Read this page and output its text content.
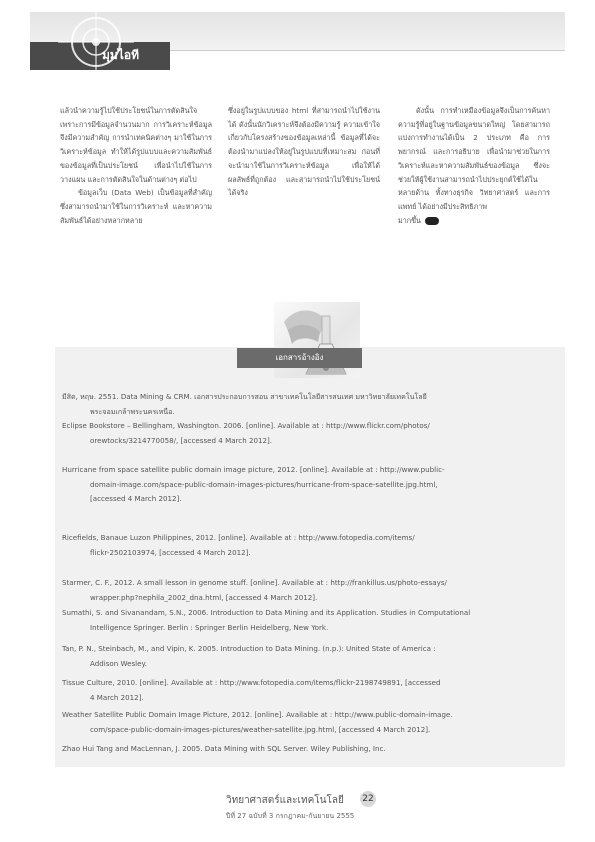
มุมไอที

แล้วนำความรู้ไปใช้ประโยชน์ในการตัดสินใจ เพราะการมีข้อมูลจำนวนมาก การวิเคราะห์ข้อมูลจึงมีความสำคัญ การนำเทคนิคต่างๆ มาใช้ในการวิเคราะห์ข้อมูล ทำให้ได้รูปแบบและความสัมพันธ์ของข้อมูลที่เป็นประโยชน์ เพื่อนำไปใช้ในการวางแผน และการตัดสินใจในด้านต่างๆ ต่อไป

ข้อมูลเว็บ (Data Web) เป็นข้อมูลที่สำคัญซึ่งสามารถนำมาใช้ในการวิเคราะห์ และหาความสัมพันธ์ได้อย่างหลากหลาย

ซึ่งอยู่ในรูปแบบของ html ที่สามารถนำไปใช้งานได้ ดังนั้นนักวิเคราะห์จึงต้องมีความรู้ ความเข้าใจเกี่ยวกับโครงสร้างของข้อมูลเหล่านี้ ข้อมูลที่ได้จะต้องนำมาแปลงให้อยู่ในรูปแบบที่เหมาะสม ก่อนที่จะนำมาใช้ในการวิเคราะห์ข้อมูล เพื่อให้ได้ผลลัพธ์ที่ถูกต้อง และสามารถนำไปใช้ประโยชน์ได้จริง

ดังนั้น การทำเหมืองข้อมูลจึงเป็นการค้นหาความรู้ที่อยู่ในฐานข้อมูลขนาดใหญ่ โดยสามารถแบ่งการทำงานได้เป็น 2 ประเภท คือ การพยากรณ์ และการอธิบาย เพื่อนำมาช่วยในการวิเคราะห์และหาความสัมพันธ์ของข้อมูล ซึ่งจะช่วยให้ผู้ใช้งานสามารถนำไปประยุกต์ใช้ได้ในหลายด้าน ทั้งทางธุรกิจ วิทยาศาสตร์ และการแพทย์ ได้อย่างมีประสิทธิภาพ

มากขึ้น

เอกสารอ้างอิง
มีสิต, หฤษ. 2551. Data Mining & CRM. เอกสารประกอบการสอน สาขาเทคโนโลยีสารสนเทศ มหาวิทยาลัยเทคโนโลยี
พระจอมเกล้าพระนครเหนือ.
Eclipse Bookstore – Bellingham, Washington. 2006. [online]. Available at : http://www.flickr.com/photos/
orewtocks/3214770058/, [accessed 4 March 2012].
Hurricane from space satellite public domain image picture, 2012. [online]. Available at : http://www.public-
domain-image.com/space-public-domain-images-pictures/hurricane-from-space-satellite.jpg.html,
[accessed 4 March 2012].
Ricefields, Banaue Luzon Philippines, 2012. [online]. Available at : http://www.fotopedia.com/items/
flickr-2502103974, [accessed 4 March 2012].
Starmer, C. F., 2012. A small lesson in genome stuff. [online]. Available at : http://frankillus.us/photo-essays/
wrapper.php?nephila_2002_dna.html, [accessed 4 March 2012].
Sumathi, S. and Sivanandam, S.N., 2006. Introduction to Data Mining and its Application. Studies in Computational
Intelligence Springer. Berlin : Springer Berlin Heidelberg, New York.
Tan, P. N., Steinbach, M., and Vipin, K. 2005. Introduction to Data Mining. (n.p.): United State of America :
Addison Wesley.
Tissue Culture, 2010. [online]. Available at : http://www.fotopedia.com/items/flickr-2198749891, [accessed
4 March 2012].
Weather Satellite Public Domain Image Picture, 2012. [online]. Available at : http://www.public-domain-image.
com/space-public-domain-images-pictures/weather-satellite.jpg.html, [accessed 4 March 2012].
Zhao Hui Tang and MacLennan, J. 2005. Data Mining with SQL Server. Wiley Publishing, Inc.
วิทยาศาสตร์และเทคโนโลยี 22
ปีที่ 27 ฉบับที่ 3 กรกฎาคม-กันยายน 2555
